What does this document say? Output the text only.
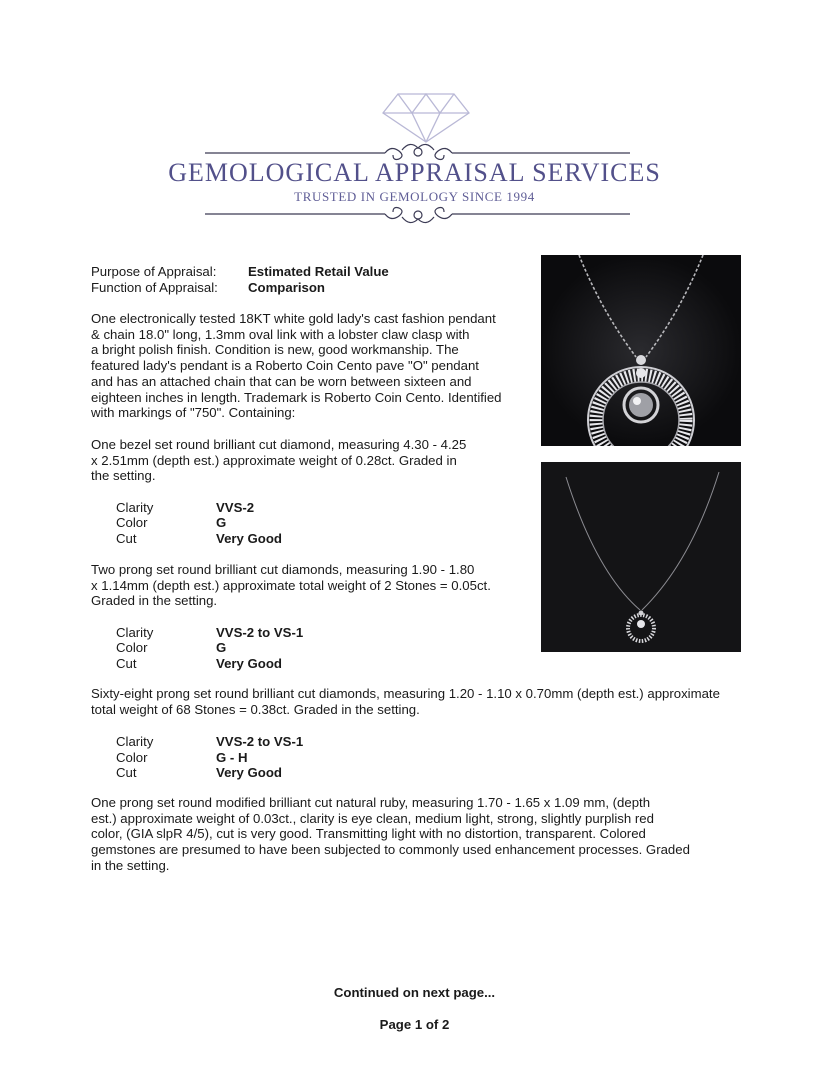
GEMOLOGICAL APPRAISAL SERVICES
TRUSTED IN GEMOLOGY SINCE 1994
Purpose of Appraisal: Estimated Retail Value
Function of Appraisal: Comparison
One electronically tested 18KT white gold lady's cast fashion pendant
& chain 18.0" long, 1.3mm oval link with a lobster claw clasp with
a bright polish finish. Condition is new, good workmanship. The
featured lady's pendant is a Roberto Coin Cento pave "O" pendant
and has an attached chain that can be worn between sixteen and
eighteen inches in length. Trademark is Roberto Coin Cento. Identified
with markings of "750". Containing:
One bezel set round brilliant cut diamond, measuring 4.30 - 4.25
x 2.51mm (depth est.) approximate weight of 0.28ct. Graded in
the setting.
Clarity	VVS-2
Color	G
Cut	Very Good
Two prong set round brilliant cut diamonds, measuring 1.90 - 1.80
x 1.14mm (depth est.) approximate total weight of 2 Stones = 0.05ct.
Graded in the setting.
Clarity	VVS-2 to VS-1
Color	G
Cut	Very Good
Sixty-eight prong set round brilliant cut diamonds, measuring 1.20 - 1.10 x 0.70mm (depth est.) approximate
total weight of 68 Stones = 0.38ct. Graded in the setting.
Clarity	VVS-2 to VS-1
Color	G - H
Cut	Very Good
One prong set round modified brilliant cut natural ruby, measuring 1.70 - 1.65 x 1.09 mm, (depth
est.) approximate weight of 0.03ct., clarity is eye clean, medium light, strong, slightly purplish red
color, (GIA slpR 4/5), cut is very good. Transmitting light with no distortion, transparent. Colored
gemstones are presumed to have been subjected to commonly used enhancement processes. Graded
in the setting.
Continued on next page...
Page 1 of 2
